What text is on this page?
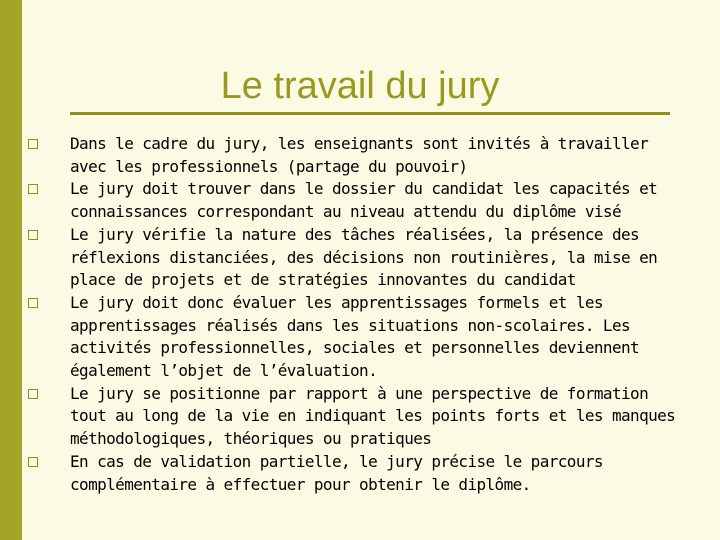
Le travail du jury
Dans le cadre du jury, les enseignants sont invités à travailler
avec les professionnels (partage du pouvoir)
Le jury doit trouver dans le dossier du candidat les capacités et
connaissances correspondant au niveau attendu du diplôme visé
Le jury vérifie la nature des tâches réalisées, la présence des
réflexions distanciées, des décisions non routinières, la mise en
place de projets et de stratégies innovantes du candidat
Le jury doit donc évaluer les apprentissages formels et les
apprentissages réalisés dans les situations non-scolaires. Les
activités professionnelles, sociales et personnelles deviennent
également l’objet de l’évaluation.
Le jury se positionne par rapport à une perspective de formation
tout au long de la vie en indiquant les points forts et les manques
méthodologiques, théoriques ou pratiques
En cas de validation partielle, le jury précise le parcours
complémentaire à effectuer pour obtenir le diplôme.
